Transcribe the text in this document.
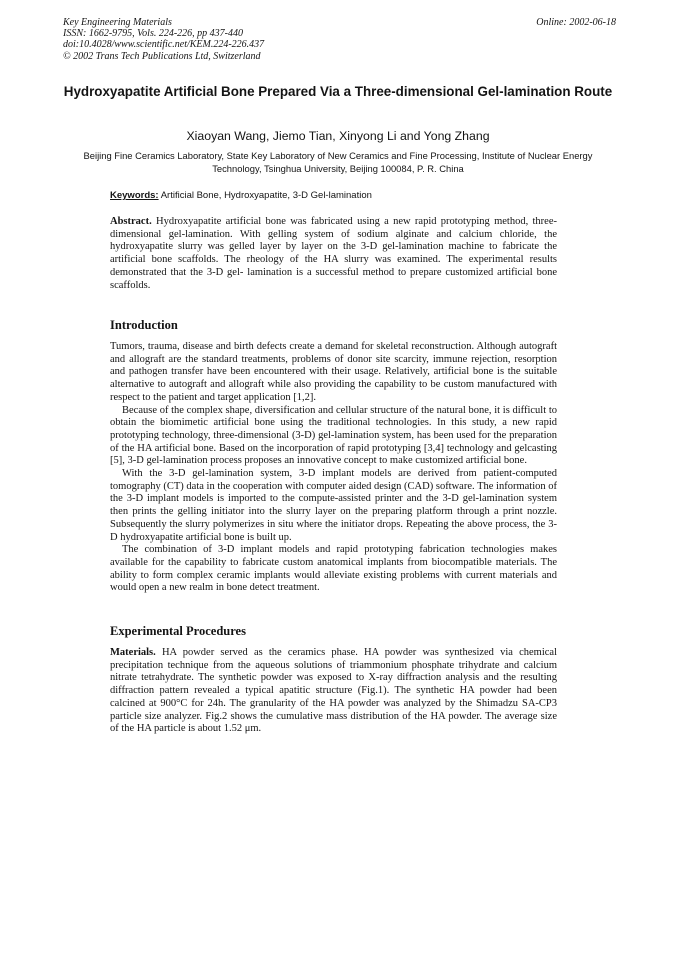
Key Engineering Materials
ISSN: 1662-9795, Vols. 224-226, pp 437-440
doi:10.4028/www.scientific.net/KEM.224-226.437
© 2002 Trans Tech Publications Ltd, Switzerland
Online: 2002-06-18
Hydroxyapatite Artificial Bone Prepared Via a Three-dimensional Gel-lamination Route
Xiaoyan Wang, Jiemo Tian, Xinyong Li and Yong Zhang
Beijing Fine Ceramics Laboratory, State Key Laboratory of New Ceramics and Fine Processing, Institute of Nuclear Energy Technology, Tsinghua University, Beijing 100084, P. R. China
Keywords: Artificial Bone, Hydroxyapatite, 3-D Gel-lamination

Abstract. Hydroxyapatite artificial bone was fabricated using a new rapid prototyping method, three-dimensional gel-lamination. With gelling system of sodium alginate and calcium chloride, the hydroxyapatite slurry was gelled layer by layer on the 3-D gel-lamination machine to fabricate the artificial bone scaffolds. The rheology of the HA slurry was examined. The experimental results demonstrated that the 3-D gel- lamination is a successful method to prepare customized artificial bone scaffolds.

Introduction

Tumors, trauma, disease and birth defects create a demand for skeletal reconstruction. Although autograft and allograft are the standard treatments, problems of donor site scarcity, immune rejection, resorption and pathogen transfer have been encountered with their usage. Relatively, artificial bone is the suitable alternative to autograft and allograft while also providing the capability to be custom manufactured with respect to the patient and target application [1,2].

Because of the complex shape, diversification and cellular structure of the natural bone, it is difficult to obtain the biomimetic artificial bone using the traditional technologies. In this study, a new rapid prototyping technology, three-dimensional (3-D) gel-lamination system, has been used for the preparation of the HA artificial bone. Based on the incorporation of rapid prototyping [3,4] technology and gelcasting [5], 3-D gel-lamination process proposes an innovative concept to make customized artificial bone.

With the 3-D gel-lamination system, 3-D implant models are derived from patient-computed tomography (CT) data in the cooperation with computer aided design (CAD) software. The information of the 3-D implant models is imported to the compute-assisted printer and the 3-D gel-lamination system then prints the gelling initiator into the slurry layer on the preparing platform through a print nozzle. Subsequently the slurry polymerizes in situ where the initiator drops. Repeating the above process, the 3-D hydroxyapatite artificial bone is built up.

The combination of 3-D implant models and rapid prototyping fabrication technologies makes available for the capability to fabricate custom anatomical implants from biocompatible materials. The ability to form complex ceramic implants would alleviate existing problems with current materials and would open a new realm in bone detect treatment.

Experimental Procedures

Materials. HA powder served as the ceramics phase. HA powder was synthesized via chemical precipitation technique from the aqueous solutions of triammonium phosphate trihydrate and calcium nitrate tetrahydrate. The synthetic powder was exposed to X-ray diffraction analysis and the resulting diffraction pattern revealed a typical apatitic structure (Fig.1). The synthetic HA powder had been calcined at 900°C for 24h. The granularity of the HA powder was analyzed by the Shimadzu SA-CP3 particle size analyzer. Fig.2 shows the cumulative mass distribution of the HA powder. The average size of the HA particle is about 1.52 μm.
